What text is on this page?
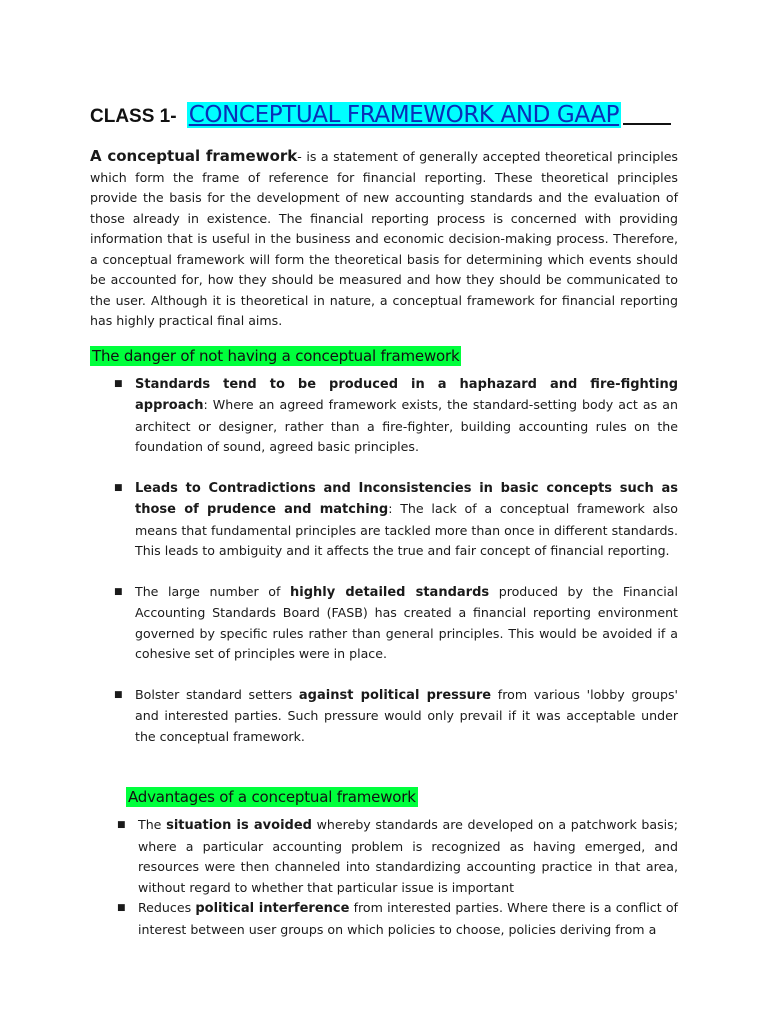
CLASS 1- CONCEPTUAL FRAMEWORK AND GAAP

A conceptual framework- is a statement of generally accepted theoretical principles which form the frame of reference for financial reporting. These theoretical principles provide the basis for the development of new accounting standards and the evaluation of those already in existence. The financial reporting process is concerned with providing information that is useful in the business and economic decision-making process. Therefore, a conceptual framework will form the theoretical basis for determining which events should be accounted for, how they should be measured and how they should be communicated to the user. Although it is theoretical in nature, a conceptual framework for financial reporting has highly practical final aims.

The danger of not having a conceptual framework
■ Standards tend to be produced in a haphazard and fire-fighting approach: Where an agreed framework exists, the standard-setting body act as an architect or designer, rather than a fire-fighter, building accounting rules on the foundation of sound, agreed basic principles.
■ Leads to Contradictions and Inconsistencies in basic concepts such as those of prudence and matching: The lack of a conceptual framework also means that fundamental principles are tackled more than once in different standards. This leads to ambiguity and it affects the true and fair concept of financial reporting.
■ The large number of highly detailed standards produced by the Financial Accounting Standards Board (FASB) has created a financial reporting environment governed by specific rules rather than general principles. This would be avoided if a cohesive set of principles were in place.
■ Bolster standard setters against political pressure from various 'lobby groups' and interested parties. Such pressure would only prevail if it was acceptable under the conceptual framework.
Advantages of a conceptual framework
■ The situation is avoided whereby standards are developed on a patchwork basis; where a particular accounting problem is recognized as having emerged, and resources were then channeled into standardizing accounting practice in that area, without regard to whether that particular issue is important
■ Reduces political interference from interested parties. Where there is a conflict of interest between user groups on which policies to choose, policies deriving from a
